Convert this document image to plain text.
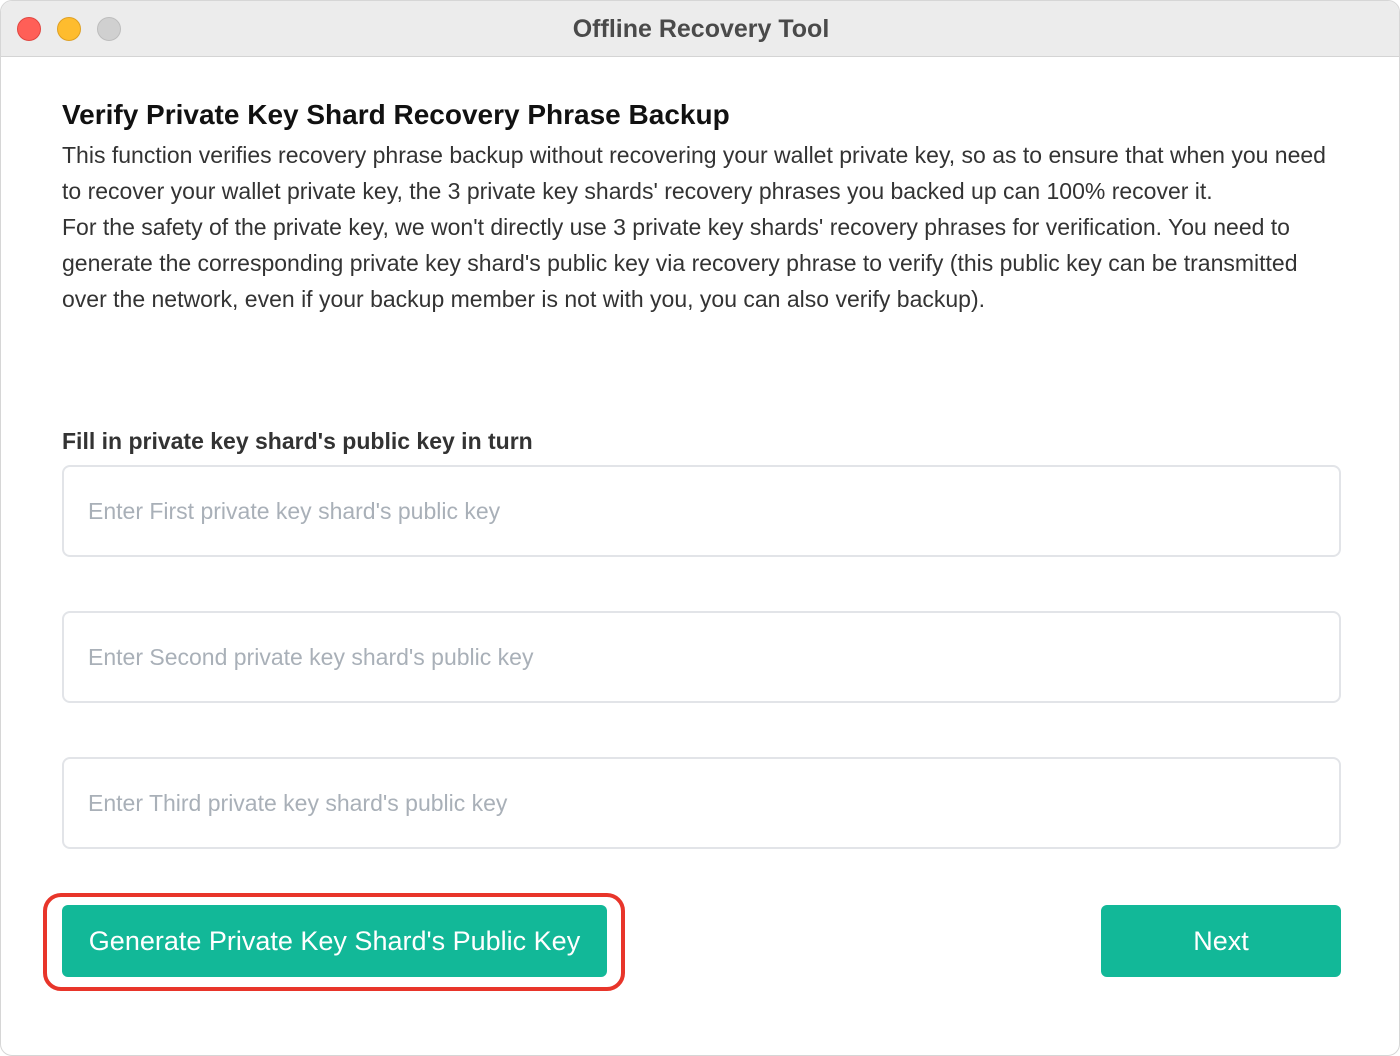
Offline Recovery Tool
Verify Private Key Shard Recovery Phrase Backup

This function verifies recovery phrase backup without recovering your wallet private key, so as to ensure that when you need to recover your wallet private key, the 3 private key shards' recovery phrases you backed up can 100% recover it.

For the safety of the private key, we won't directly use 3 private key shards' recovery phrases for verification. You need to generate the corresponding private key shard's public key via recovery phrase to verify (this public key can be transmitted over the network, even if your backup member is not with you, you can also verify backup).

Fill in private key shard's public key in turn
Enter First private key shard's public key
Enter Second private key shard's public key
Enter Third private key shard's public key
Generate Private Key Shard's Public Key	Next
